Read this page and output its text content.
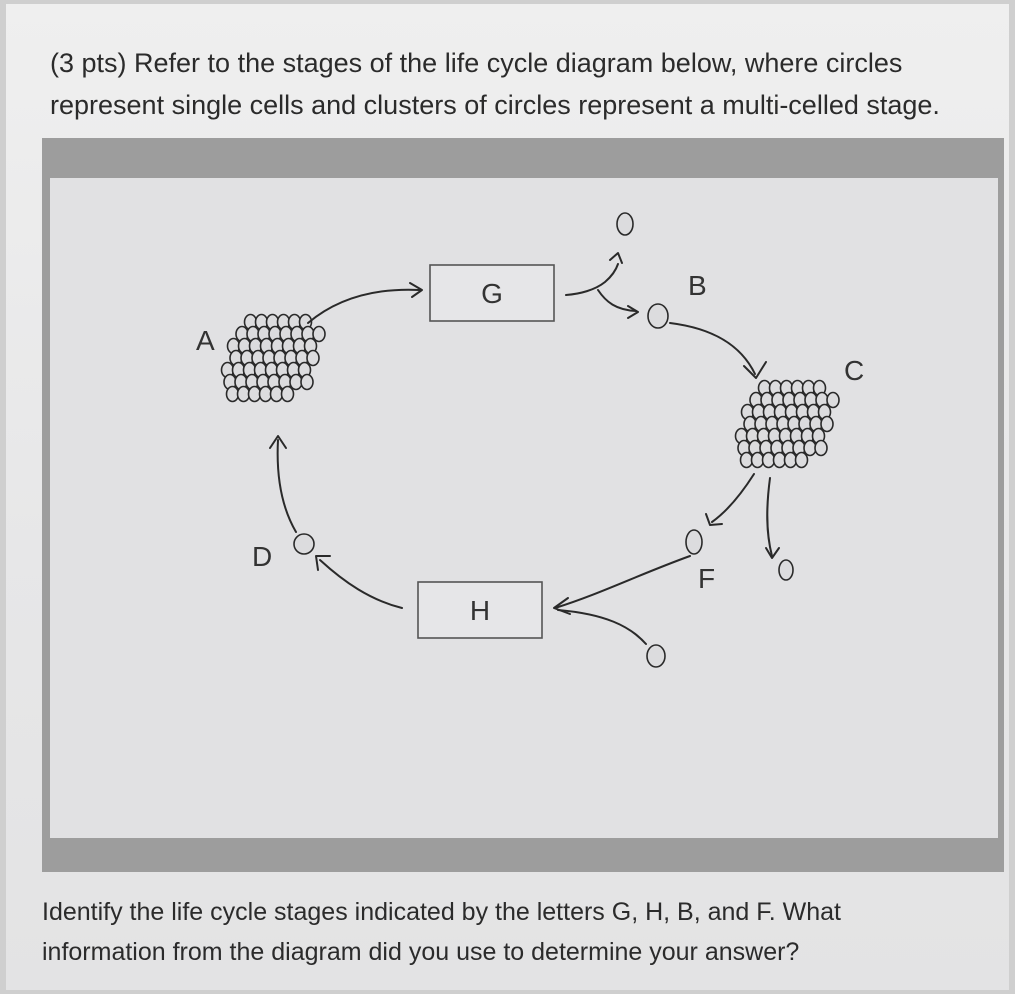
(3 pts) Refer to the stages of the life cycle diagram below, where circles

represent single cells and clusters of circles represent a multi-celled stage.

G
H
A
B
C
D
F

Identify the life cycle stages indicated by the letters G, H, B, and F. What

information from the diagram did you use to determine your answer?
